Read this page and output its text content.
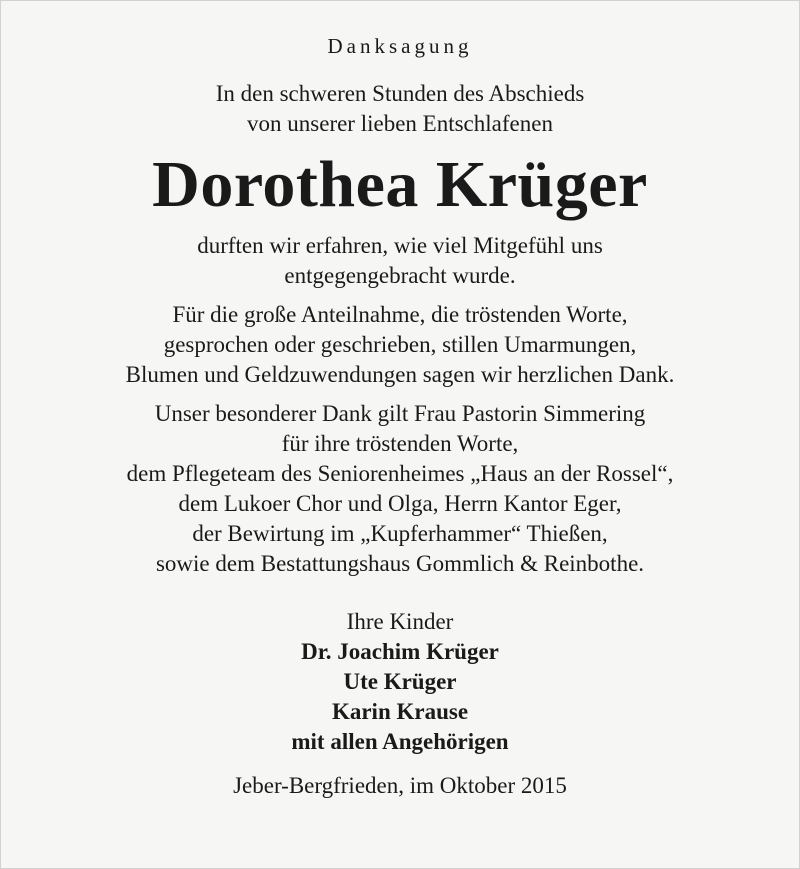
Danksagung
In den schweren Stunden des Abschieds
von unserer lieben Entschlafenen
Dorothea Krüger
durften wir erfahren, wie viel Mitgefühl uns
entgegengebracht wurde.
Für die große Anteilnahme, die tröstenden Worte,
gesprochen oder geschrieben, stillen Umarmungen,
Blumen und Geldzuwendungen sagen wir herzlichen Dank.
Unser besonderer Dank gilt Frau Pastorin Simmering
für ihre tröstenden Worte,
dem Pflegeteam des Seniorenheimes „Haus an der Rossel“,
dem Lukoer Chor und Olga, Herrn Kantor Eger,
der Bewirtung im „Kupferhammer“ Thießen,
sowie dem Bestattungshaus Gommlich & Reinbothe.
Ihre Kinder
Dr. Joachim Krüger
Ute Krüger
Karin Krause
mit allen Angehörigen
Jeber-Bergfrieden, im Oktober 2015
